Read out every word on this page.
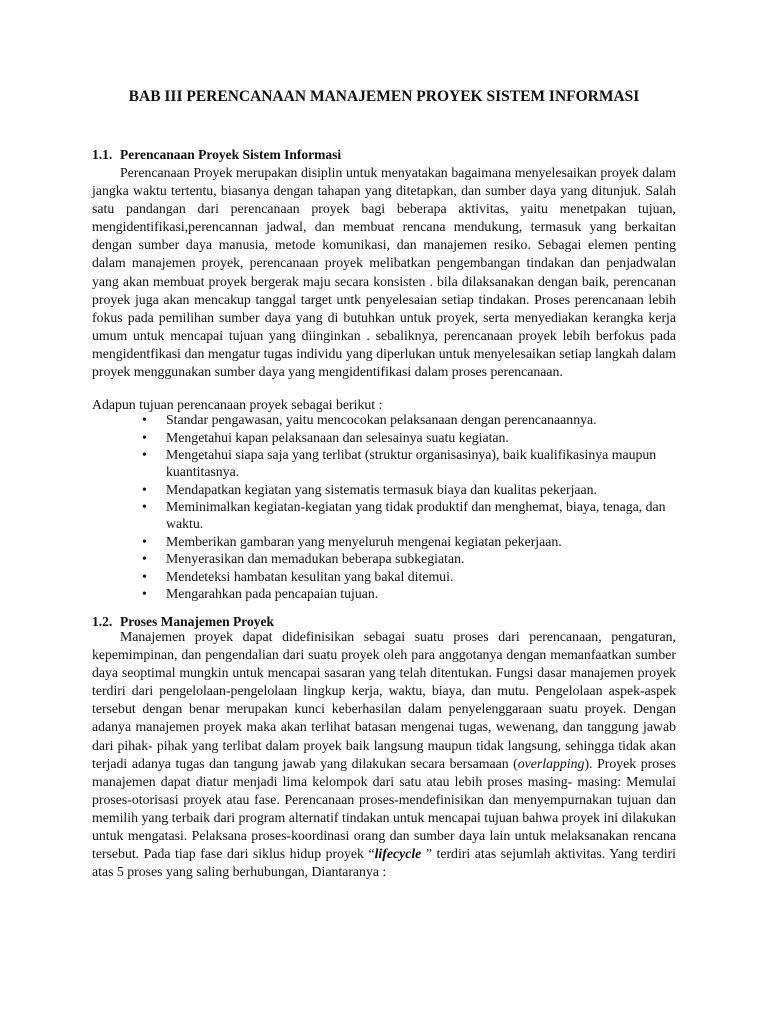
BAB III PERENCANAAN MANAJEMEN PROYEK SISTEM INFORMASI
1.1. Perencanaan Proyek Sistem Informasi

Perencanaan Proyek merupakan disiplin untuk menyatakan bagaimana menyelesaikan proyek dalam jangka waktu tertentu, biasanya dengan tahapan yang ditetapkan, dan sumber daya yang ditunjuk. Salah satu pandangan dari perencanaan proyek bagi beberapa aktivitas, yaitu menetpakan tujuan, mengidentifikasi,perencannan jadwal, dan membuat rencana mendukung, termasuk yang berkaitan dengan sumber daya manusia, metode komunikasi, dan manajemen resiko. Sebagai elemen penting dalam manajemen proyek, perencanaan proyek melibatkan pengembangan tindakan dan penjadwalan yang akan membuat proyek bergerak maju secara konsisten . bila dilaksanakan dengan baik, perencanan proyek juga akan mencakup tanggal target untk penyelesaian setiap tindakan. Proses perencanaan lebih fokus pada pemilihan sumber daya yang di butuhkan untuk proyek, serta menyediakan kerangka kerja umum untuk mencapai tujuan yang diinginkan . sebaliknya, perencanaan proyek lebih berfokus pada mengidentfikasi dan mengatur tugas individu yang diperlukan untuk menyelesaikan setiap langkah dalam proyek menggunakan sumber daya yang mengidentifikasi dalam proses perencanaan.

Adapun tujuan perencanaan proyek sebagai berikut :

• Standar pengawasan, yaitu mencocokan pelaksanaan dengan perencanaannya.
• Mengetahui kapan pelaksanaan dan selesainya suatu kegiatan.
• Mengetahui siapa saja yang terlibat (struktur organisasinya), baik kualifikasinya maupun kuantitasnya.
• Mendapatkan kegiatan yang sistematis termasuk biaya dan kualitas pekerjaan.
• Meminimalkan kegiatan-kegiatan yang tidak produktif dan menghemat, biaya, tenaga, dan waktu.
• Memberikan gambaran yang menyeluruh mengenai kegiatan pekerjaan.
• Menyerasikan dan memadukan beberapa subkegiatan.
• Mendeteksi hambatan kesulitan yang bakal ditemui.
• Mengarahkan pada pencapaian tujuan.
1.2. Proses Manajemen Proyek

Manajemen proyek dapat didefinisikan sebagai suatu proses dari perencanaan, pengaturan, kepemimpinan, dan pengendalian dari suatu proyek oleh para anggotanya dengan memanfaatkan sumber daya seoptimal mungkin untuk mencapai sasaran yang telah ditentukan. Fungsi dasar manajemen proyek terdiri dari pengelolaan-pengelolaan lingkup kerja, waktu, biaya, dan mutu. Pengelolaan aspek-aspek tersebut dengan benar merupakan kunci keberhasilan dalam penyelenggaraan suatu proyek. Dengan adanya manajemen proyek maka akan terlihat batasan mengenai tugas, wewenang, dan tanggung jawab dari pihak- pihak yang terlibat dalam proyek baik langsung maupun tidak langsung, sehingga tidak akan terjadi adanya tugas dan tangung jawab yang dilakukan secara bersamaan (overlapping). Proyek proses manajemen dapat diatur menjadi lima kelompok dari satu atau lebih proses masing- masing: Memulai proses-otorisasi proyek atau fase. Perencanaan proses-mendefinisikan dan menyempurnakan tujuan dan memilih yang terbaik dari program alternatif tindakan untuk mencapai tujuan bahwa proyek ini dilakukan untuk mengatasi. Pelaksana proses-koordinasi orang dan sumber daya lain untuk melaksanakan rencana tersebut. Pada tiap fase dari siklus hidup proyek “lifecycle ” terdiri atas sejumlah aktivitas. Yang terdiri atas 5 proses yang saling berhubungan, Diantaranya :
